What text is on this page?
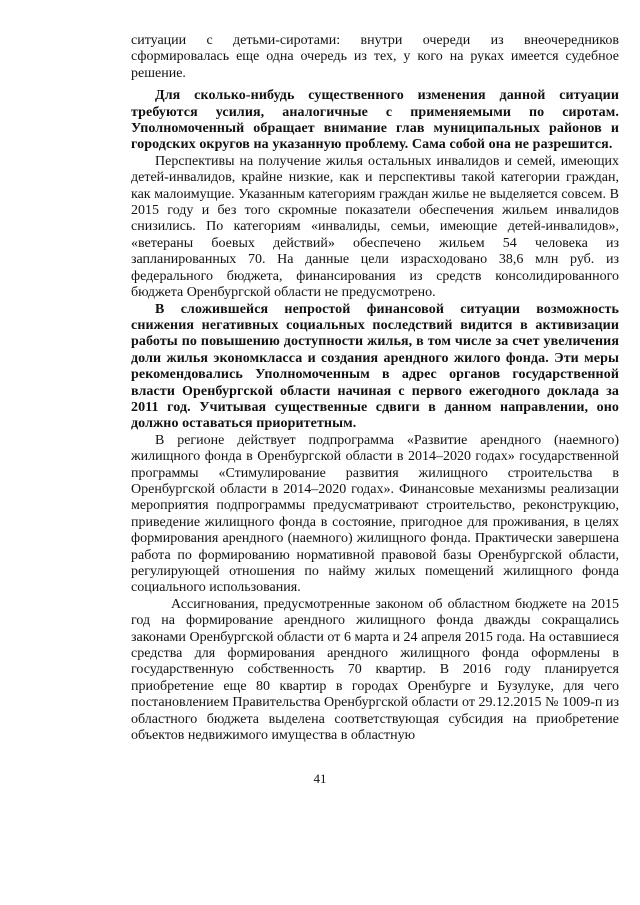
ситуации с детьми-сиротами: внутри очереди из внеочередников сформировалась еще одна очередь из тех, у кого на руках имеется судебное решение.

Для сколько-нибудь существенного изменения данной ситуации требуются усилия, аналогичные с применяемыми по сиротам. Уполномоченный обращает внимание глав муниципальных районов и городских округов на указанную проблему. Сама собой она не разрешится.

Перспективы на получение жилья остальных инвалидов и семей, имеющих детей-инвалидов, крайне низкие, как и перспективы такой категории граждан, как малоимущие. Указанным категориям граждан жилье не выделяется совсем. В 2015 году и без того скромные показатели обеспечения жильем инвалидов снизились. По категориям «инвалиды, семьи, имеющие детей-инвалидов», «ветераны боевых действий» обеспечено жильем 54 человека из запланированных 70. На данные цели израсходовано 38,6 млн руб. из федерального бюджета, финансирования из средств консолидированного бюджета Оренбургской области не предусмотрено.

В сложившейся непростой финансовой ситуации возможность снижения негативных социальных последствий видится в активизации работы по повышению доступности жилья, в том числе за счет увеличения доли жилья экономкласса и создания арендного жилого фонда. Эти меры рекомендовались Уполномоченным в адрес органов государственной власти Оренбургской области начиная с первого ежегодного доклада за 2011 год. Учитывая существенные сдвиги в данном направлении, оно должно оставаться приоритетным.

В регионе действует подпрограмма «Развитие арендного (наемного) жилищного фонда в Оренбургской области в 2014–2020 годах» государственной программы «Стимулирование развития жилищного строительства в Оренбургской области в 2014–2020 годах». Финансовые механизмы реализации мероприятия подпрограммы предусматривают строительство, реконструкцию, приведение жилищного фонда в состояние, пригодное для проживания, в целях формирования арендного (наемного) жилищного фонда. Практически завершена работа по формированию нормативной правовой базы Оренбургской области, регулирующей отношения по найму жилых помещений жилищного фонда социального использования.

Ассигнования, предусмотренные законом об областном бюджете на 2015 год на формирование арендного жилищного фонда дважды сокращались законами Оренбургской области от 6 марта и 24 апреля 2015 года. На оставшиеся средства для формирования арендного жилищного фонда оформлены в государственную собственность 70 квартир. В 2016 году планируется приобретение еще 80 квартир в городах Оренбурге и Бузулуке, для чего постановлением Правительства Оренбургской области от 29.12.2015 № 1009-п из областного бюджета выделена соответствующая субсидия на приобретение объектов недвижимого имущества в областную

41
